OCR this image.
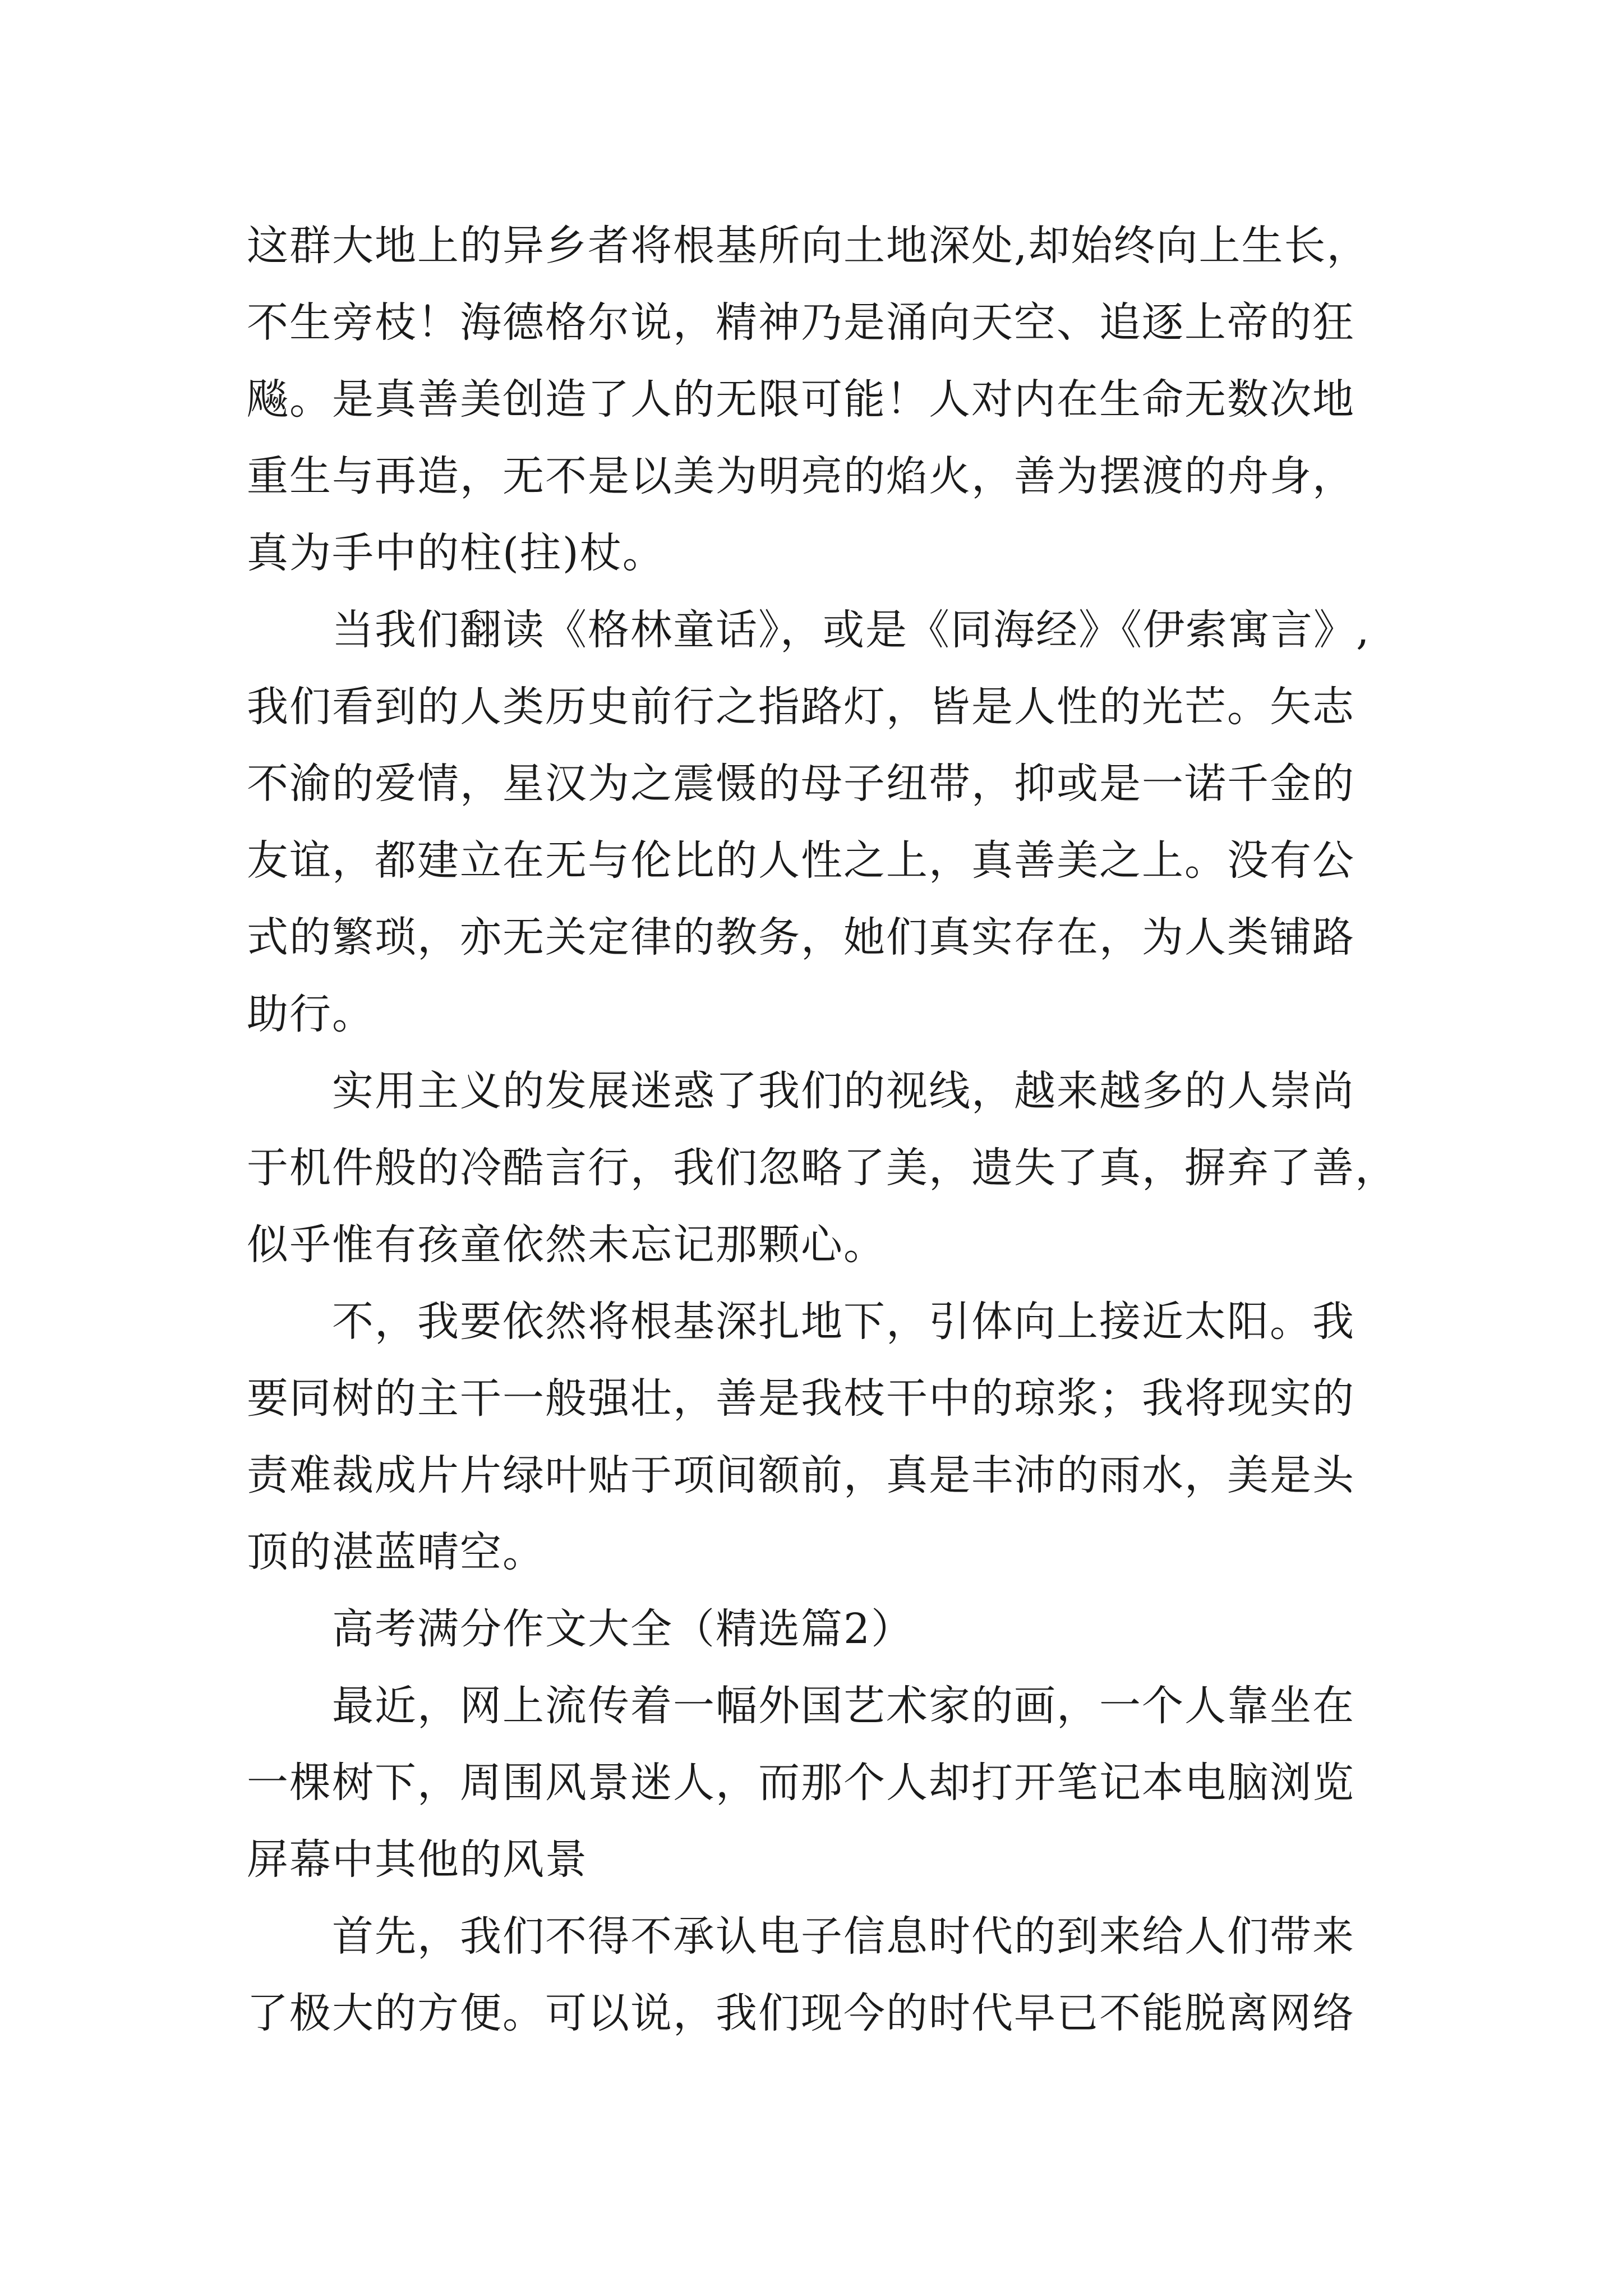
这群大地上的异乡者将根基所向土地深处,却始终向上生长，
不生旁枝！海德格尔说，精神乃是涌向天空、追逐上帝的狂
飚。是真善美创造了人的无限可能！人对内在生命无数次地
重生与再造，无不是以美为明亮的焰火，善为摆渡的舟身，
真为手中的柱(拄)杖。
　　当我们翻读《格林童话》，或是《同海经》《伊索寓言》,
我们看到的人类历史前行之指路灯，皆是人性的光芒。矢志
不渝的爱情，星汉为之震慑的母子纽带，抑或是一诺千金的
友谊，都建立在无与伦比的人性之上，真善美之上。没有公
式的繁琐，亦无关定律的教务，她们真实存在，为人类铺路
助行。
　　实用主义的发展迷惑了我们的视线，越来越多的人崇尚
于机件般的冷酷言行，我们忽略了美，遗失了真，摒弃了善，
似乎惟有孩童依然未忘记那颗心。
　　不，我要依然将根基深扎地下，引体向上接近太阳。我
要同树的主干一般强壮，善是我枝干中的琼浆；我将现实的
责难裁成片片绿叶贴于项间额前，真是丰沛的雨水，美是头
顶的湛蓝晴空。
　　高考满分作文大全（精选篇2）
　　最近，网上流传着一幅外国艺术家的画，一个人靠坐在
一棵树下，周围风景迷人，而那个人却打开笔记本电脑浏览
屏幕中其他的风景
　　首先，我们不得不承认电子信息时代的到来给人们带来
了极大的方便。可以说，我们现今的时代早已不能脱离网络
